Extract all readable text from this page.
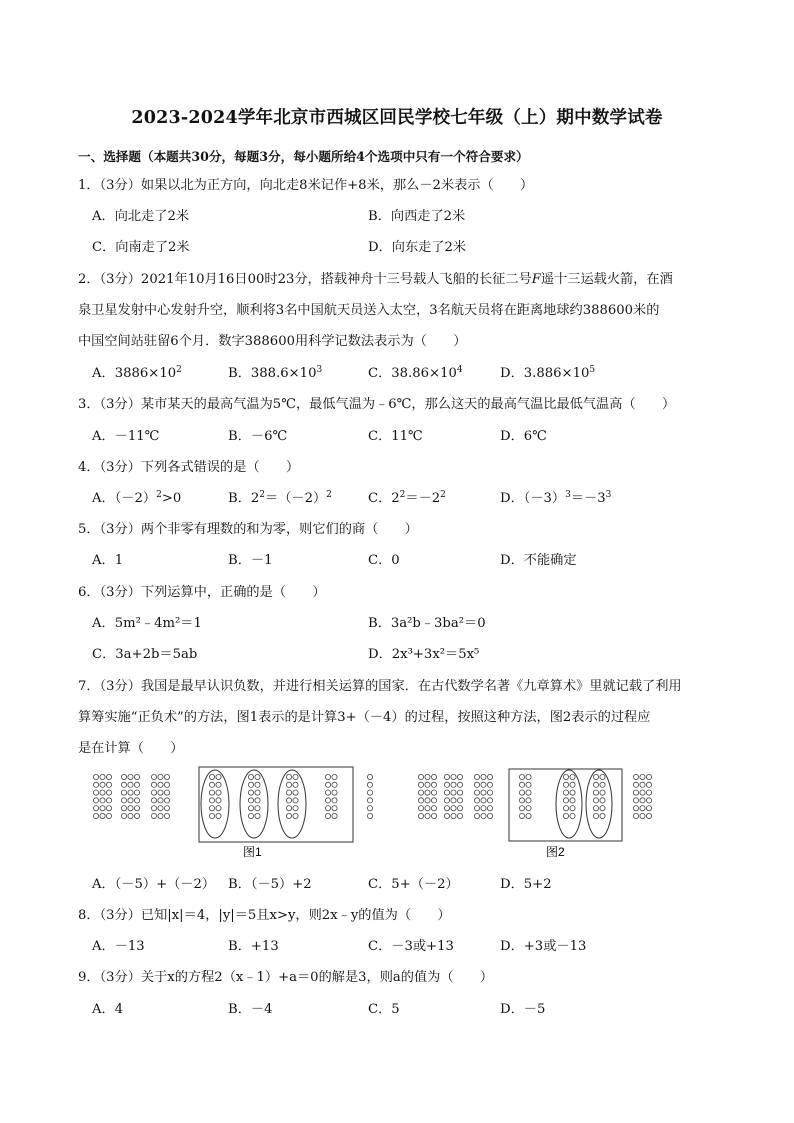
2023-2024学年北京市西城区回民学校七年级（上）期中数学试卷
一、选择题（本题共30分，每题3分，每小题所给4个选项中只有一个符合要求）
1．（3分）如果以北为正方向，向北走8米记作+8米，那么－2米表示（　　）
A．向北走了2米	B．向西走了2米
C．向南走了2米	D．向东走了2米
2．（3分）2021年10月16日00时23分，搭载神舟十三号载人飞船的长征二号F遥十三运载火箭，在酒
泉卫星发射中心发射升空，顺利将3名中国航天员送入太空，3名航天员将在距离地球约388600米的
中国空间站驻留6个月．数字388600用科学记数法表示为（　　）
A．$3886\times 10^2$	B．$388.6\times 10^3$	C．$38.86\times 10^4$	D．$3.886\times 10^5$
3．（3分）某市某天的最高气温为5℃，最低气温为﹣6℃，那么这天的最高气温比最低气温高（　　）
A．－11℃	B．－6℃	C．11℃	D．6℃
4．（3分）下列各式错误的是（　　）
A．$(-2)^2>0$	B．$2^2=(-2)^2$	C．$2^2=-2^2$	D．$(-3)^3=-3^3$
5．（3分）两个非零有理数的和为零，则它们的商（　　）
A．1	B．－1	C．0	D．不能确定
6．（3分）下列运算中，正确的是（　　）
A．5m²﹣4m²＝1	B．3a²b﹣3ba²＝0
C．3a+2b＝5ab	D．2x³+3x²＝5x⁵
7．（3分）我国是最早认识负数，并进行相关运算的国家．在古代数学名著《九章算术》里就记载了利用
算筹实施“正负术”的方法，图1表示的是计算3+（－4）的过程，按照这种方法，图2表示的过程应
是在计算（　　）
图1	图2
A．（－5）+（－2） B．（－5）+2	C．5+（－2）	D．5+2
8．（3分）已知|x|＝4，|y|＝5且x>y，则2x﹣y的值为（　　）
A．－13	B．+13	C．－3或+13	D．+3或－13
9．（3分）关于x的方程2（x﹣1）+a＝0的解是3，则a的值为（　　）
A．4	B．－4	C．5	D．－5
